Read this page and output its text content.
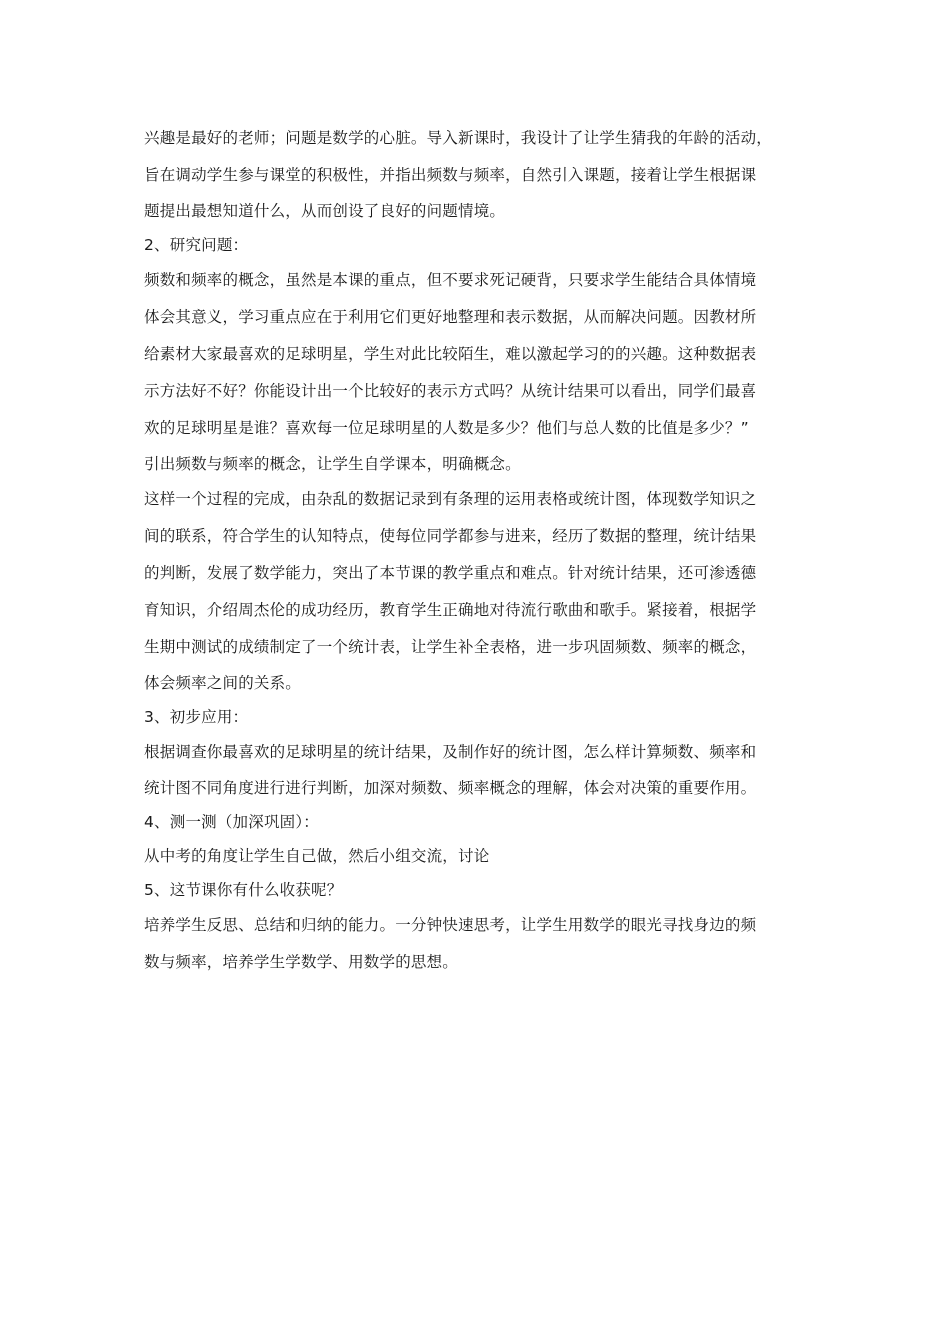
兴趣是最好的老师；问题是数学的心脏。导入新课时，我设计了让学生猜我的年龄的活动，
旨在调动学生参与课堂的积极性，并指出频数与频率，自然引入课题，接着让学生根据课
题提出最想知道什么，从而创设了良好的问题情境。
2、研究问题：
频数和频率的概念，虽然是本课的重点，但不要求死记硬背，只要求学生能结合具体情境
体会其意义，学习重点应在于利用它们更好地整理和表示数据，从而解决问题。因教材所
给素材大家最喜欢的足球明星，学生对此比较陌生，难以激起学习的的兴趣。这种数据表
示方法好不好？你能设计出一个比较好的表示方式吗？从统计结果可以看出，同学们最喜
欢的足球明星是谁？喜欢每一位足球明星的人数是多少？他们与总人数的比值是多少？”
引出频数与频率的概念，让学生自学课本，明确概念。
这样一个过程的完成，由杂乱的数据记录到有条理的运用表格或统计图，体现数学知识之
间的联系，符合学生的认知特点，使每位同学都参与进来，经历了数据的整理，统计结果
的判断，发展了数学能力，突出了本节课的教学重点和难点。针对统计结果，还可渗透德
育知识，介绍周杰伦的成功经历，教育学生正确地对待流行歌曲和歌手。紧接着，根据学
生期中测试的成绩制定了一个统计表，让学生补全表格，进一步巩固频数、频率的概念，
体会频率之间的关系。
3、初步应用：
根据调查你最喜欢的足球明星的统计结果，及制作好的统计图，怎么样计算频数、频率和
统计图不同角度进行进行判断，加深对频数、频率概念的理解，体会对决策的重要作用。
4、测一测（加深巩固）：
从中考的角度让学生自己做，然后小组交流，讨论
5、这节课你有什么收获呢？
培养学生反思、总结和归纳的能力。一分钟快速思考，让学生用数学的眼光寻找身边的频
数与频率，培养学生学数学、用数学的思想。
